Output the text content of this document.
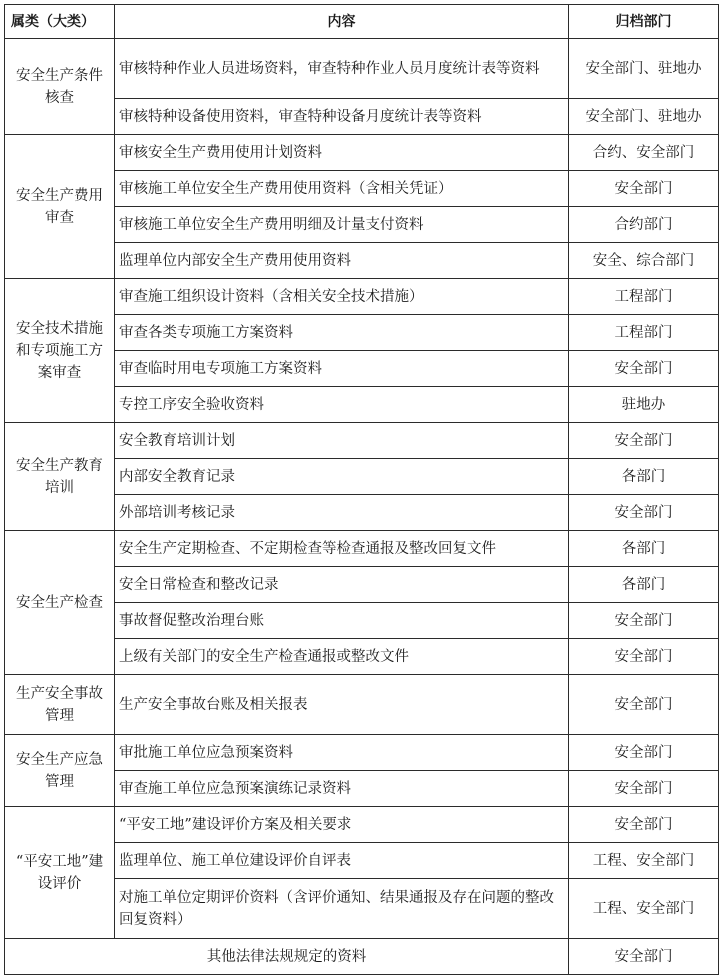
属类（大类）	内容	归档部门
安全生产条件核查	审核特种作业人员进场资料，审查特种作业人员月度统计表等资料	安全部门、驻地办
	审核特种设备使用资料，审查特种设备月度统计表等资料	安全部门、驻地办
安全生产费用审查	审核安全生产费用使用计划资料	合约、安全部门
	审核施工单位安全生产费用使用资料（含相关凭证）	安全部门
	审核施工单位安全生产费用明细及计量支付资料	合约部门
	监理单位内部安全生产费用使用资料	安全、综合部门
安全技术措施和专项施工方案审查	审查施工组织设计资料（含相关安全技术措施）	工程部门
	审查各类专项施工方案资料	工程部门
	审查临时用电专项施工方案资料	安全部门
	专控工序安全验收资料	驻地办
安全生产教育培训	安全教育培训计划	安全部门
	内部安全教育记录	各部门
	外部培训考核记录	安全部门
安全生产检查	安全生产定期检查、不定期检查等检查通报及整改回复文件	各部门
	安全日常检查和整改记录	各部门
	事故督促整改治理台账	安全部门
	上级有关部门的安全生产检查通报或整改文件	安全部门
生产安全事故管理	生产安全事故台账及相关报表	安全部门
安全生产应急管理	审批施工单位应急预案资料	安全部门
	审查施工单位应急预案演练记录资料	安全部门
“平安工地”建设评价	“平安工地”建设评价方案及相关要求	安全部门
	监理单位、施工单位建设评价自评表	工程、安全部门
	对施工单位定期评价资料（含评价通知、结果通报及存在问题的整改回复资料）	工程、安全部门
其他法律法规规定的资料		安全部门
